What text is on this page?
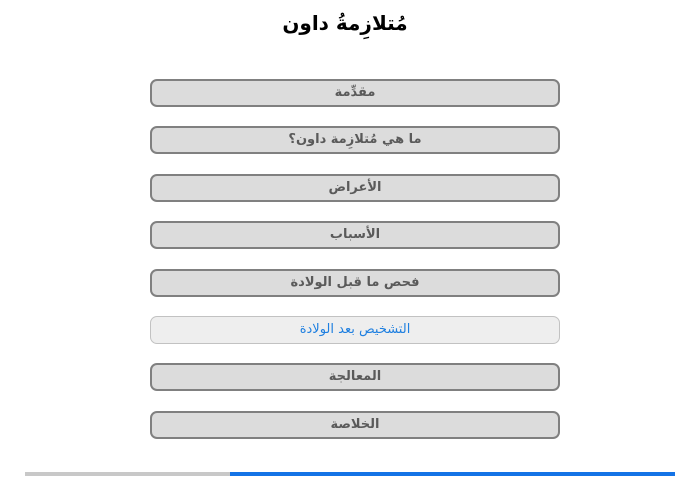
مُتلازِمةُ داون
مقدِّمة
ما هي مُتلازِمة داون؟
الأعراض
الأسباب
فحص ما قبل الولادة
التشخيص بعد الولادة
المعالجة
الخلاصة
